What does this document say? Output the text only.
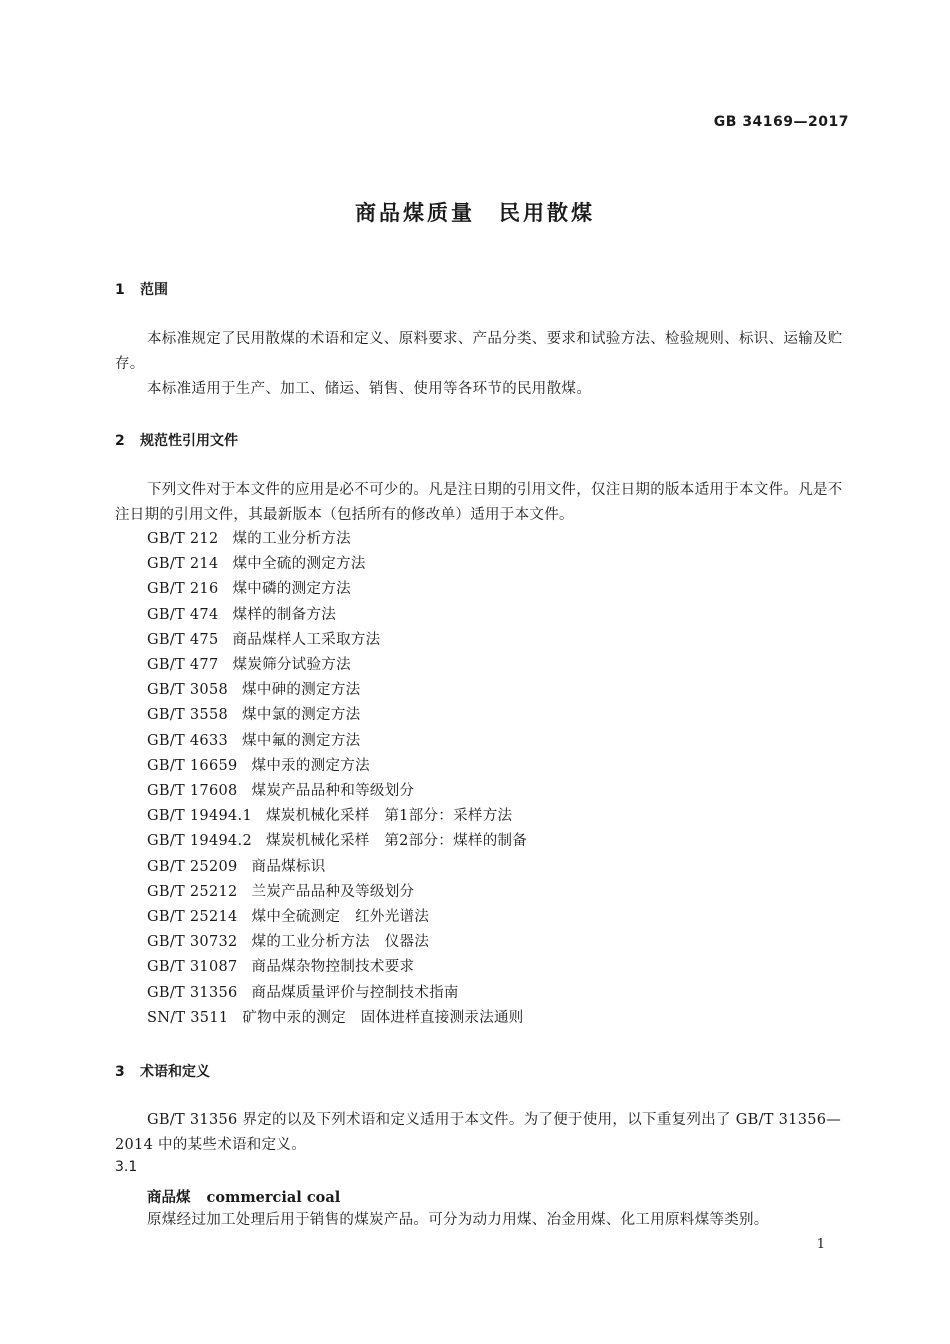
GB 34169—2017
商品煤质量　民用散煤
1 范围
本标准规定了民用散煤的术语和定义、原料要求、产品分类、要求和试验方法、检验规则、标识、运输及贮存。
本标准适用于生产、加工、储运、销售、使用等各环节的民用散煤。
2 规范性引用文件
下列文件对于本文件的应用是必不可少的。凡是注日期的引用文件，仅注日期的版本适用于本文件。凡是不注日期的引用文件，其最新版本（包括所有的修改单）适用于本文件。
GB/T 212 煤的工业分析方法
GB/T 214 煤中全硫的测定方法
GB/T 216 煤中磷的测定方法
GB/T 474 煤样的制备方法
GB/T 475 商品煤样人工采取方法
GB/T 477 煤炭筛分试验方法
GB/T 3058 煤中砷的测定方法
GB/T 3558 煤中氯的测定方法
GB/T 4633 煤中氟的测定方法
GB/T 16659 煤中汞的测定方法
GB/T 17608 煤炭产品品种和等级划分
GB/T 19494.1 煤炭机械化采样　第1部分：采样方法
GB/T 19494.2 煤炭机械化采样　第2部分：煤样的制备
GB/T 25209 商品煤标识
GB/T 25212 兰炭产品品种及等级划分
GB/T 25214 煤中全硫测定　红外光谱法
GB/T 30732 煤的工业分析方法　仪器法
GB/T 31087 商品煤杂物控制技术要求
GB/T 31356 商品煤质量评价与控制技术指南
SN/T 3511 矿物中汞的测定　固体进样直接测汞法通则
3 术语和定义
GB/T 31356 界定的以及下列术语和定义适用于本文件。为了便于使用，以下重复列出了 GB/T 31356—2014 中的某些术语和定义。
3.1
商品煤 commercial coal
原煤经过加工处理后用于销售的煤炭产品。可分为动力用煤、冶金用煤、化工用原料煤等类别。
1
